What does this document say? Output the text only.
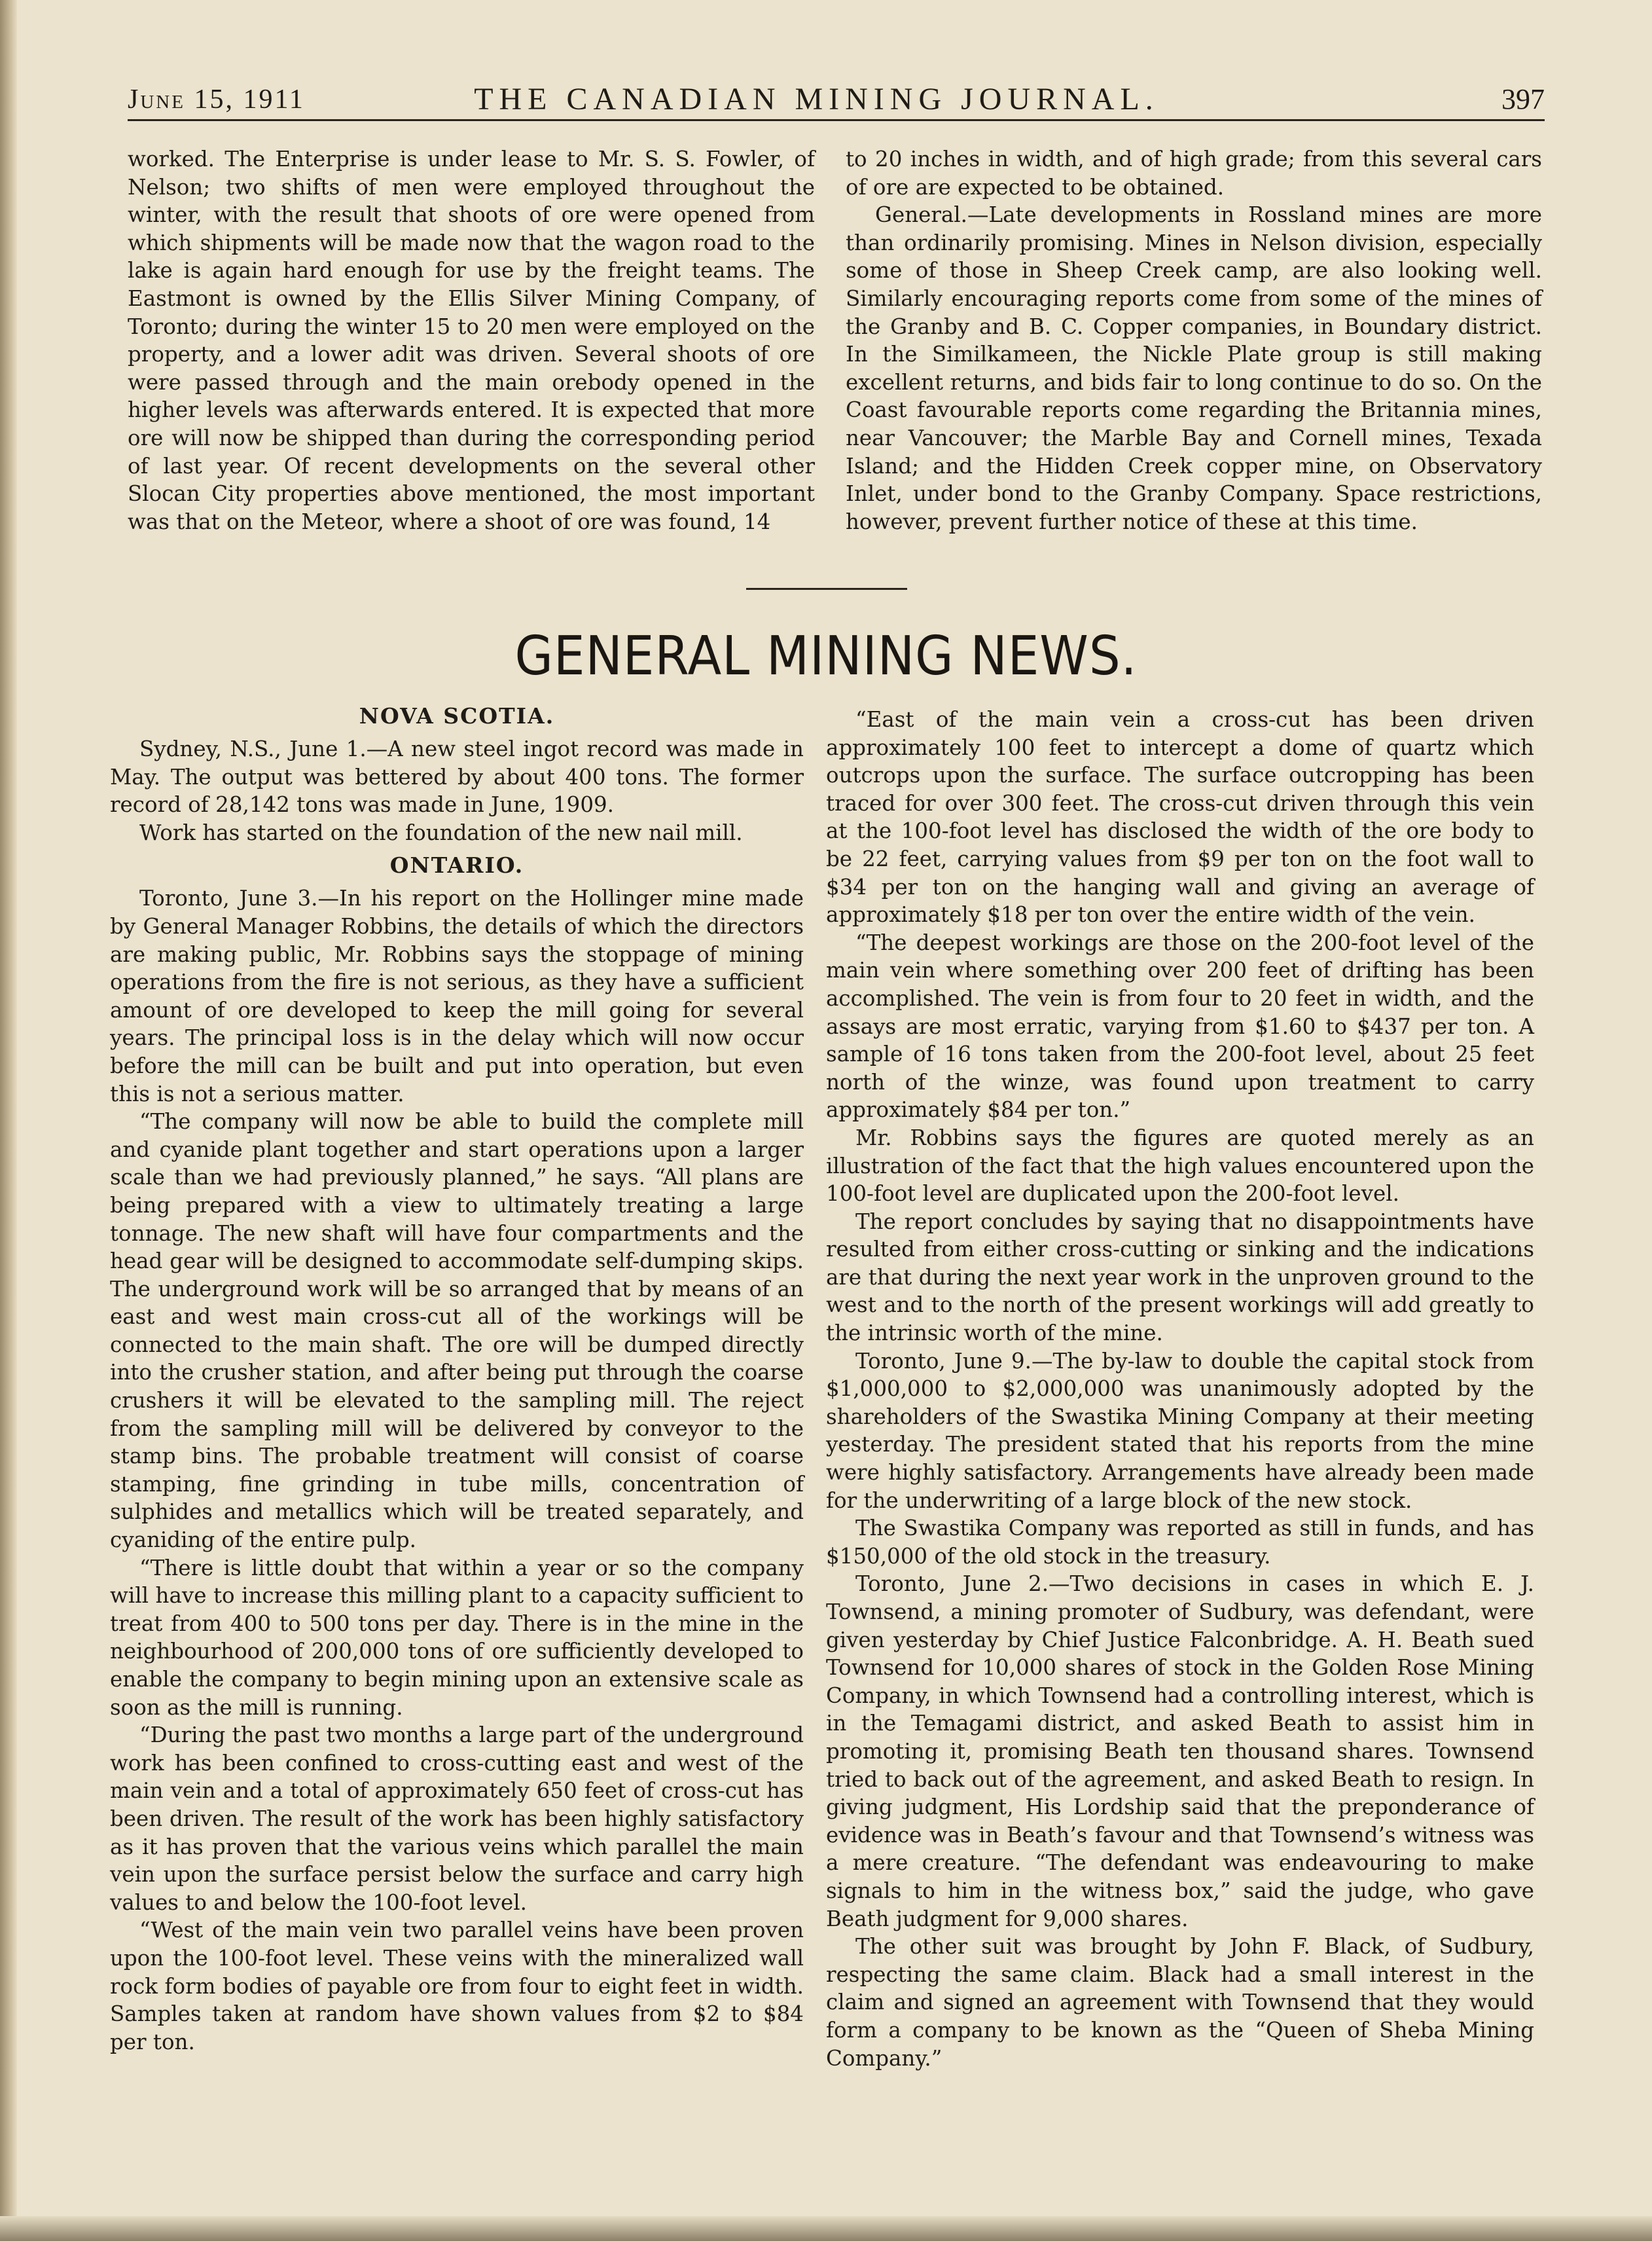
June 15, 1911	THE CANADIAN MINING JOURNAL.	397

worked. The Enterprise is under lease to Mr. S. S. Fowler, of Nelson; two shifts of men were employed throughout the winter, with the result that shoots of ore were opened from which shipments will be made now that the wagon road to the lake is again hard enough for use by the freight teams. The Eastmont is owned by the Ellis Silver Mining Company, of Toronto; during the winter 15 to 20 men were employed on the property, and a lower adit was driven. Several shoots of ore were passed through and the main orebody opened in the higher levels was afterwards entered. It is expected that more ore will now be shipped than during the corresponding period of last year. Of recent developments on the several other Slocan City properties above mentioned, the most important was that on the Meteor, where a shoot of ore was found, 14

to 20 inches in width, and of high grade; from this several cars of ore are expected to be obtained.

General.—Late developments in Rossland mines are more than ordinarily promising. Mines in Nelson division, especially some of those in Sheep Creek camp, are also looking well. Similarly encouraging reports come from some of the mines of the Granby and B. C. Copper companies, in Boundary district. In the Similkameen, the Nickle Plate group is still making excellent returns, and bids fair to long continue to do so. On the Coast favourable reports come regarding the Britannia mines, near Vancouver; the Marble Bay and Cornell mines, Texada Island; and the Hidden Creek copper mine, on Observatory Inlet, under bond to the Granby Company. Space restrictions, however, prevent further notice of these at this time.

GENERAL MINING NEWS.
NOVA SCOTIA.

Sydney, N.S., June 1.—A new steel ingot record was made in May. The output was bettered by about 400 tons. The former record of 28,142 tons was made in June, 1909.

Work has started on the foundation of the new nail mill.

ONTARIO.

Toronto, June 3.—In his report on the Hollinger mine made by General Manager Robbins, the details of which the directors are making public, Mr. Robbins says the stoppage of mining operations from the fire is not serious, as they have a sufficient amount of ore developed to keep the mill going for several years. The principal loss is in the delay which will now occur before the mill can be built and put into operation, but even this is not a serious matter.

“The company will now be able to build the complete mill and cyanide plant together and start operations upon a larger scale than we had previously planned,” he says. “All plans are being prepared with a view to ultimately treating a large tonnage. The new shaft will have four compartments and the head gear will be designed to accommodate self-dumping skips. The underground work will be so arranged that by means of an east and west main cross-cut all of the workings will be connected to the main shaft. The ore will be dumped directly into the crusher station, and after being put through the coarse crushers it will be elevated to the sampling mill. The reject from the sampling mill will be delivered by conveyor to the stamp bins. The probable treatment will consist of coarse stamping, fine grinding in tube mills, concentration of sulphides and metallics which will be treated separately, and cyaniding of the entire pulp.

“There is little doubt that within a year or so the company will have to increase this milling plant to a capacity sufficient to treat from 400 to 500 tons per day. There is in the mine in the neighbourhood of 200,000 tons of ore sufficiently developed to enable the company to begin mining upon an extensive scale as soon as the mill is running.

“During the past two months a large part of the underground work has been confined to cross-cutting east and west of the main vein and a total of approximately 650 feet of cross-cut has been driven. The result of the work has been highly satisfactory as it has proven that the various veins which parallel the main vein upon the surface persist below the surface and carry high values to and below the 100-foot level.

“West of the main vein two parallel veins have been proven upon the 100-foot level. These veins with the mineralized wall rock form bodies of payable ore from four to eight feet in width. Samples taken at random have shown values from $2 to $84 per ton.

“East of the main vein a cross-cut has been driven approximately 100 feet to intercept a dome of quartz which outcrops upon the surface. The surface outcropping has been traced for over 300 feet. The cross-cut driven through this vein at the 100-foot level has disclosed the width of the ore body to be 22 feet, carrying values from $9 per ton on the foot wall to $34 per ton on the hanging wall and giving an average of approximately $18 per ton over the entire width of the vein.

“The deepest workings are those on the 200-foot level of the main vein where something over 200 feet of drifting has been accomplished. The vein is from four to 20 feet in width, and the assays are most erratic, varying from $1.60 to $437 per ton. A sample of 16 tons taken from the 200-foot level, about 25 feet north of the winze, was found upon treatment to carry approximately $84 per ton.”

Mr. Robbins says the figures are quoted merely as an illustration of the fact that the high values encountered upon the 100-foot level are duplicated upon the 200-foot level.

The report concludes by saying that no disappointments have resulted from either cross-cutting or sinking and the indications are that during the next year work in the unproven ground to the west and to the north of the present workings will add greatly to the intrinsic worth of the mine.

Toronto, June 9.—The by-law to double the capital stock from $1,000,000 to $2,000,000 was unanimously adopted by the shareholders of the Swastika Mining Company at their meeting yesterday. The president stated that his reports from the mine were highly satisfactory. Arrangements have already been made for the underwriting of a large block of the new stock.

The Swastika Company was reported as still in funds, and has $150,000 of the old stock in the treasury.

Toronto, June 2.—Two decisions in cases in which E. J. Townsend, a mining promoter of Sudbury, was defendant, were given yesterday by Chief Justice Falconbridge. A. H. Beath sued Townsend for 10,000 shares of stock in the Golden Rose Mining Company, in which Townsend had a controlling interest, which is in the Temagami district, and asked Beath to assist him in promoting it, promising Beath ten thousand shares. Townsend tried to back out of the agreement, and asked Beath to resign. In giving judgment, His Lordship said that the preponderance of evidence was in Beath’s favour and that Townsend’s witness was a mere creature. “The defendant was endeavouring to make signals to him in the witness box,” said the judge, who gave Beath judgment for 9,000 shares.

The other suit was brought by John F. Black, of Sudbury, respecting the same claim. Black had a small interest in the claim and signed an agreement with Townsend that they would form a company to be known as the “Queen of Sheba Mining Company.”
